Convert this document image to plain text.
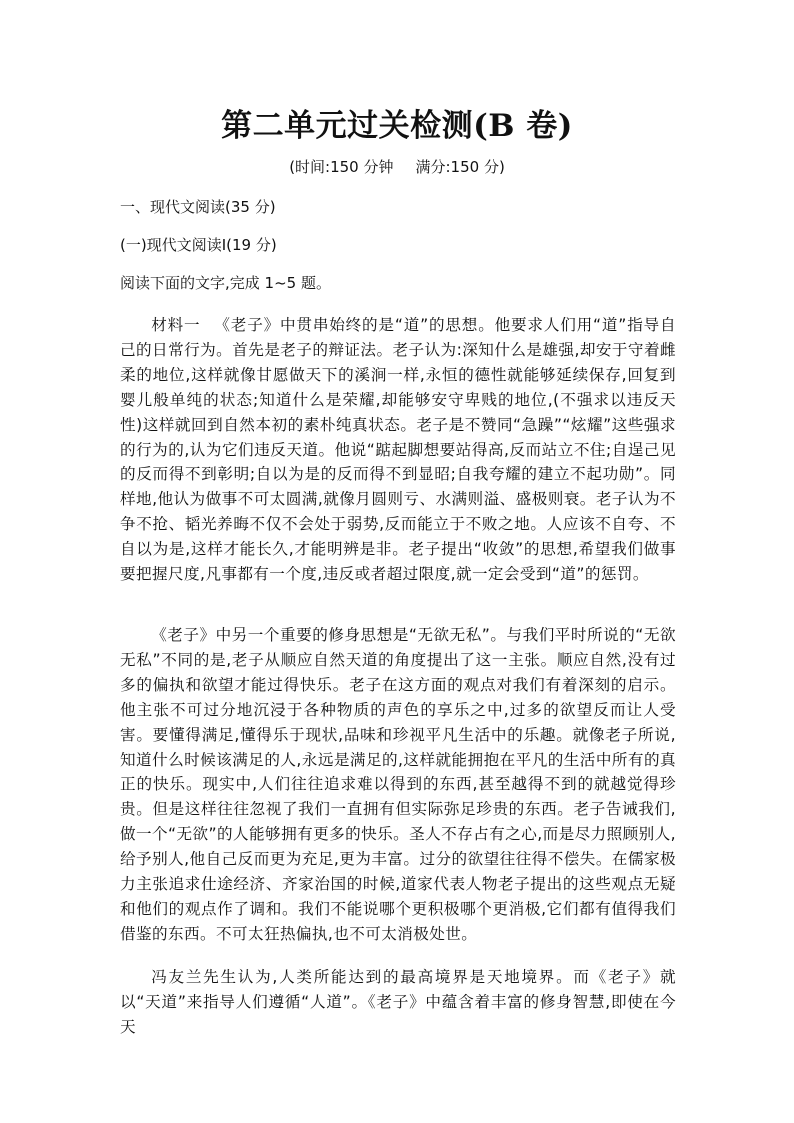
第二单元过关检测(B 卷)
(时间:150 分钟 满分:150 分)
一、现代文阅读(35 分)
(一)现代文阅读Ⅰ(19 分)
阅读下面的文字,完成 1~5 题。
材料一 《老子》中贯串始终的是“道”的思想。他要求人们用“道”指导自己的日常行为。首先是老子的辩证法。老子认为:深知什么是雄强,却安于守着雌柔的地位,这样就像甘愿做天下的溪涧一样,永恒的德性就能够延续保存,回复到婴儿般单纯的状态;知道什么是荣耀,却能够安守卑贱的地位,(不强求以违反天性)这样就回到自然本初的素朴纯真状态。老子是不赞同“急躁”“炫耀”这些强求的行为的,认为它们违反天道。他说“踮起脚想要站得高,反而站立不住;自逞己见的反而得不到彰明;自以为是的反而得不到显昭;自我夸耀的建立不起功勋”。同样地,他认为做事不可太圆满,就像月圆则亏、水满则溢、盛极则衰。老子认为不争不抢、韬光养晦不仅不会处于弱势,反而能立于不败之地。人应该不自夸、不自以为是,这样才能长久,才能明辨是非。老子提出“收敛”的思想,希望我们做事要把握尺度,凡事都有一个度,违反或者超过限度,就一定会受到“道”的惩罚。
《老子》中另一个重要的修身思想是“无欲无私”。与我们平时所说的“无欲无私”不同的是,老子从顺应自然天道的角度提出了这一主张。顺应自然,没有过多的偏执和欲望才能过得快乐。老子在这方面的观点对我们有着深刻的启示。他主张不可过分地沉浸于各种物质的声色的享乐之中,过多的欲望反而让人受害。要懂得满足,懂得乐于现状,品味和珍视平凡生活中的乐趣。就像老子所说,知道什么时候该满足的人,永远是满足的,这样就能拥抱在平凡的生活中所有的真正的快乐。现实中,人们往往追求难以得到的东西,甚至越得不到的就越觉得珍贵。但是这样往往忽视了我们一直拥有但实际弥足珍贵的东西。老子告诫我们,做一个“无欲”的人能够拥有更多的快乐。圣人不存占有之心,而是尽力照顾别人,给予别人,他自己反而更为充足,更为丰富。过分的欲望往往得不偿失。在儒家极力主张追求仕途经济、齐家治国的时候,道家代表人物老子提出的这些观点无疑和他们的观点作了调和。我们不能说哪个更积极哪个更消极,它们都有值得我们借鉴的东西。不可太狂热偏执,也不可太消极处世。
冯友兰先生认为,人类所能达到的最高境界是天地境界。而《老子》就以“天道”来指导人们遵循“人道”。《老子》中蕴含着丰富的修身智慧,即使在今天
